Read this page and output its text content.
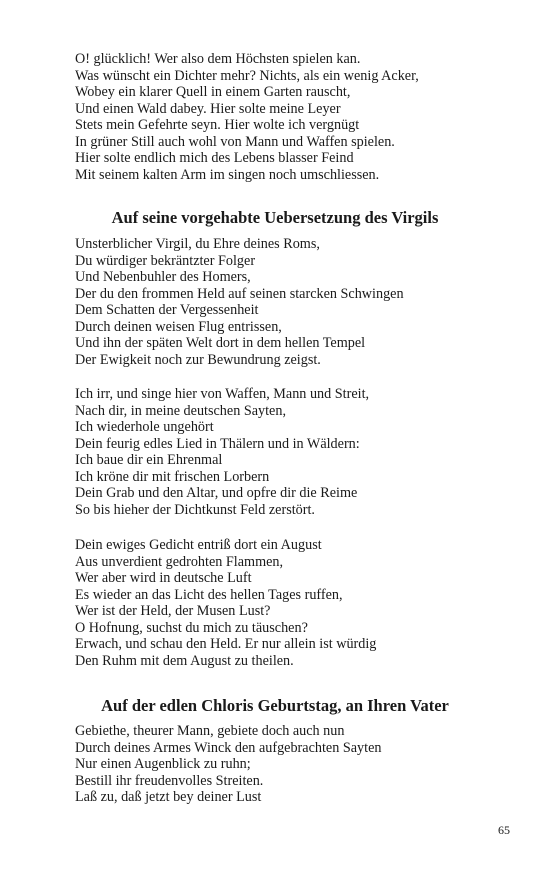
O! glücklich! Wer also dem Höchsten spielen kan.
Was wünscht ein Dichter mehr? Nichts, als ein wenig Acker,
Wobey ein klarer Quell in einem Garten rauscht,
Und einen Wald dabey. Hier solte meine Leyer
Stets mein Gefehrte seyn. Hier wolte ich vergnügt
In grüner Still auch wohl von Mann und Waffen spielen.
Hier solte endlich mich des Lebens blasser Feind
Mit seinem kalten Arm im singen noch umschliessen.
Auf seine vorgehabte Uebersetzung des Virgils
Unsterblicher Virgil, du Ehre deines Roms,
Du würdiger bekräntzter Folger
Und Nebenbuhler des Homers,
Der du den frommen Held auf seinen starcken Schwingen
Dem Schatten der Vergessenheit
Durch deinen weisen Flug entrissen,
Und ihn der späten Welt dort in dem hellen Tempel
Der Ewigkeit noch zur Bewundrung zeigst.
Ich irr, und singe hier von Waffen, Mann und Streit,
Nach dir, in meine deutschen Sayten,
Ich wiederhole ungehört
Dein feurig edles Lied in Thälern und in Wäldern:
Ich baue dir ein Ehrenmal
Ich kröne dir mit frischen Lorbern
Dein Grab und den Altar, und opfre dir die Reime
So bis hieher der Dichtkunst Feld zerstört.
Dein ewiges Gedicht entriß dort ein August
Aus unverdient gedrohten Flammen,
Wer aber wird in deutsche Luft
Es wieder an das Licht des hellen Tages ruffen,
Wer ist der Held, der Musen Lust?
O Hofnung, suchst du mich zu täuschen?
Erwach, und schau den Held. Er nur allein ist würdig
Den Ruhm mit dem August zu theilen.
Auf der edlen Chloris Geburtstag, an Ihren Vater
Gebiethe, theurer Mann, gebiete doch auch nun
Durch deines Armes Winck den aufgebrachten Sayten
Nur einen Augenblick zu ruhn;
Bestill ihr freudenvolles Streiten.
Laß zu, daß jetzt bey deiner Lust
65
